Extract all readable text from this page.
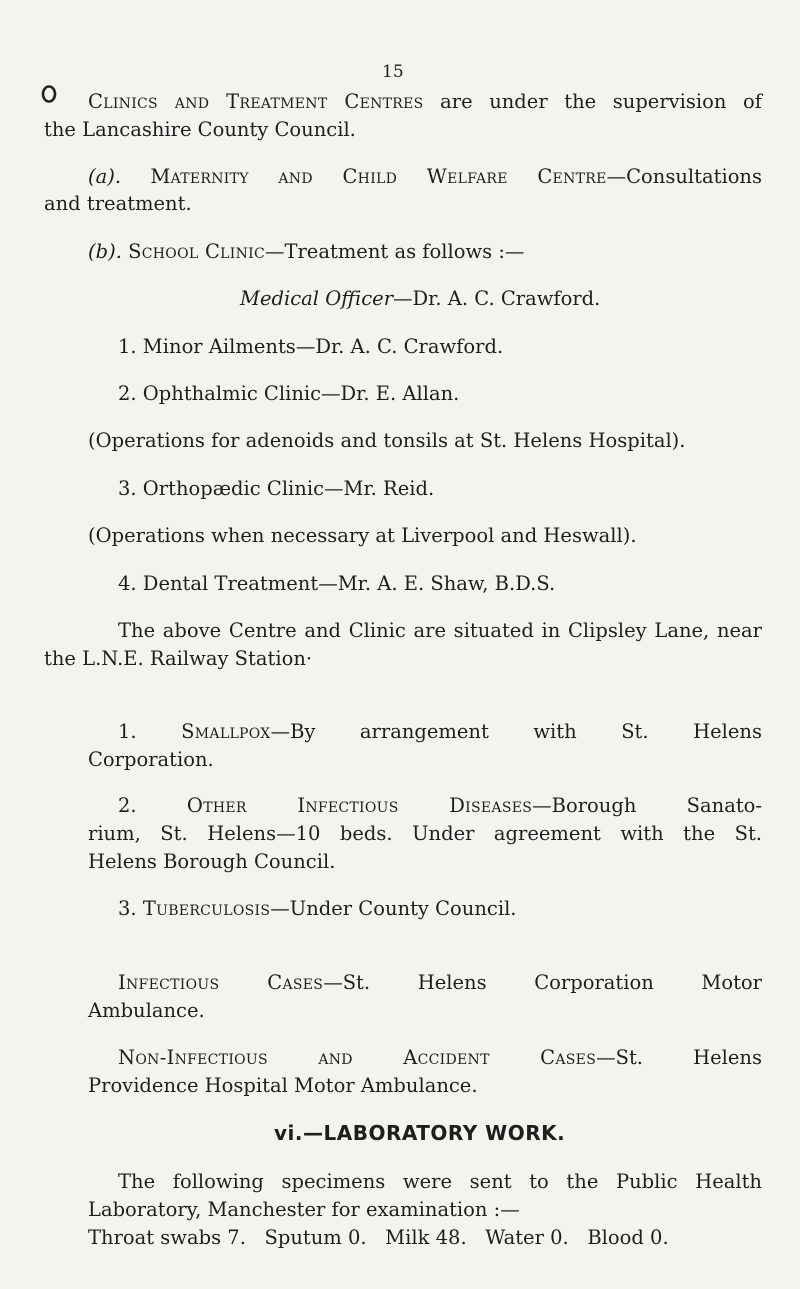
15
Clinics and Treatment Centres are under the supervision of
the Lancashire County Council.
(a). Maternity and Child Welfare Centre—Consultations
and treatment.
(b). School Clinic—Treatment as follows :—
Medical Officer—Dr. A. C. Crawford.
1. Minor Ailments—Dr. A. C. Crawford.
2. Ophthalmic Clinic—Dr. E. Allan.
(Operations for adenoids and tonsils at St. Helens Hospital).
3. Orthopædic Clinic—Mr. Reid.
(Operations when necessary at Liverpool and Heswall).
4. Dental Treatment—Mr. A. E. Shaw, B.D.S.
The above Centre and Clinic are situated in Clipsley Lane, near
the L.N.E. Railway Station·
1. Smallpox—By arrangement with St. Helens
Corporation.
2.	Other Infectious Diseases—Borough Sanato-
rium, St. Helens—10 beds. Under agreement with the St.
Helens Borough Council.
3. Tuberculosis—Under County Council.
Infectious Cases—St. Helens Corporation Motor
Ambulance.
Non-Infectious and Accident Cases—St. Helens
Providence Hospital Motor Ambulance.
vi.—LABORATORY WORK.
The following specimens were sent to the Public Health
Laboratory, Manchester for examination :—
Throat swabs 7.   Sputum 0.   Milk 48.   Water 0.   Blood 0.
